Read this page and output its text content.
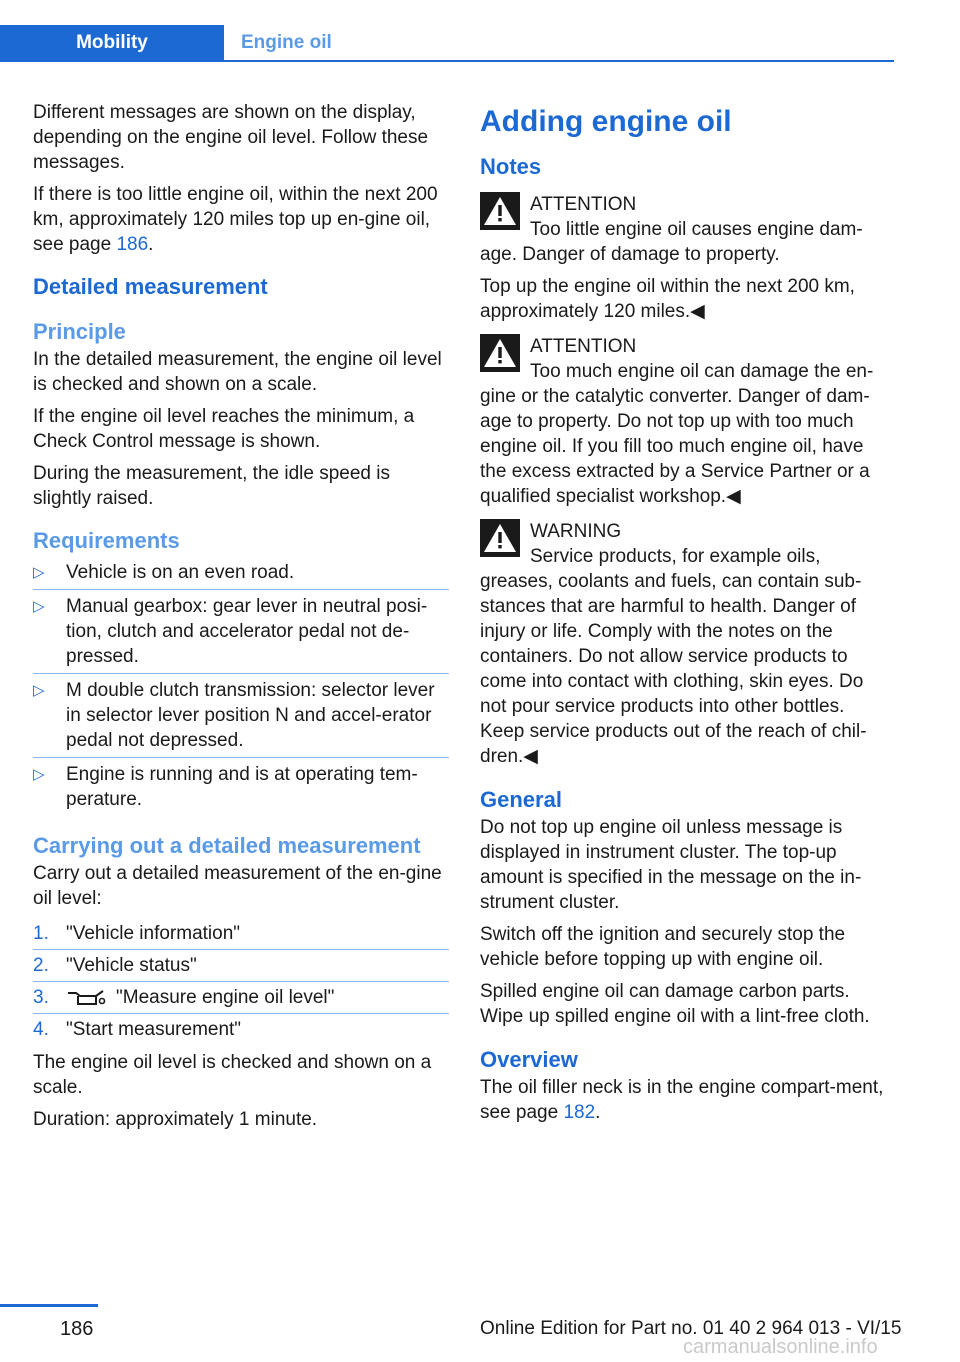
Mobility	Engine oil

Different messages are shown on the display, depending on the engine oil level. Follow these messages.

If there is too little engine oil, within the next 200 km, approximately 120 miles top up en‐gine oil, see page 186.

Detailed measurement
Principle

In the detailed measurement, the engine oil level is checked and shown on a scale.

If the engine oil level reaches the minimum, a Check Control message is shown.

During the measurement, the idle speed is slightly raised.

Requirements
▷	Vehicle is on an even road.
▷	Manual gearbox: gear lever in neutral posi‐tion, clutch and accelerator pedal not de‐pressed.
▷	M double clutch transmission: selector lever in selector lever position N and accel‐erator pedal not depressed.
▷	Engine is running and is at operating tem‐perature.
Carrying out a detailed measurement

Carry out a detailed measurement of the en‐gine oil level:

1. "Vehicle information"
2. "Vehicle status"
3.	"Measure engine oil level"
4. "Start measurement"

The engine oil level is checked and shown on a scale.

Duration: approximately 1 minute.

Adding engine oil
Notes
ATTENTION
Too little engine oil causes engine dam‐
age. Danger of damage to property.

Top up the engine oil within the next 200 km, approximately 120 miles.◀

ATTENTION
Too much engine oil can damage the en‐
gine or the catalytic converter. Danger of dam‐age to property. Do not top up with too much engine oil. If you fill too much engine oil, have the excess extracted by a Service Partner or a qualified specialist workshop.◀
WARNING
Service products, for example oils,
greases, coolants and fuels, can contain sub‐stances that are harmful to health. Danger of injury or life. Comply with the notes on the containers. Do not allow service products to come into contact with clothing, skin eyes. Do not pour service products into other bottles. Keep service products out of the reach of chil‐dren.◀
General

Do not top up engine oil unless message is displayed in instrument cluster. The top-up amount is specified in the message on the in‐strument cluster.

Switch off the ignition and securely stop the vehicle before topping up with engine oil.

Spilled engine oil can damage carbon parts. Wipe up spilled engine oil with a lint-free cloth.

Overview

The oil filler neck is in the engine compart‐ment, see page 182.

186	Online Edition for Part no. 01 40 2 964 013 - VI/15
carmanualsonline.info
